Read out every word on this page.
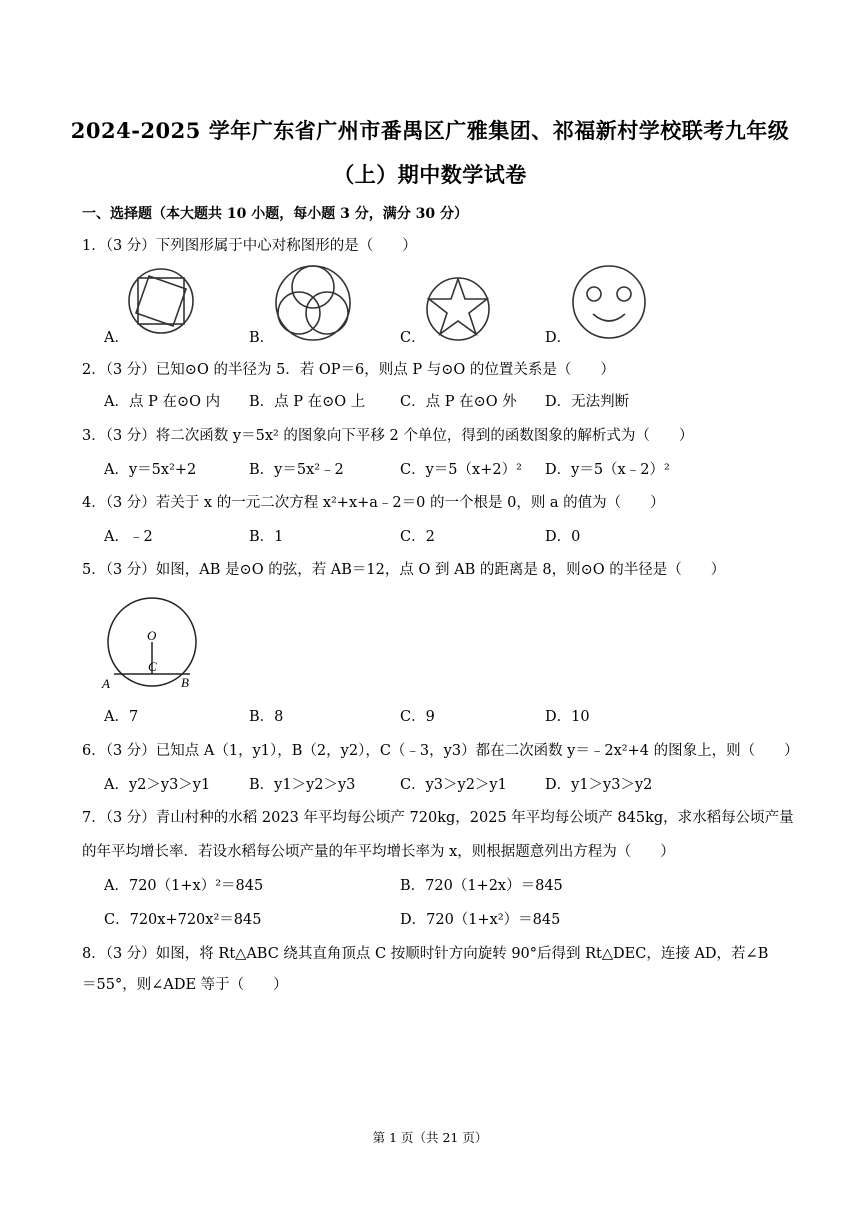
2024-2025 学年广东省广州市番禺区广雅集团、祁福新村学校联考九年级
（上）期中数学试卷
一、选择题（本大题共 10 小题，每小题 3 分，满分 30 分）
1．（3 分）下列图形属于中心对称图形的是（　　）
A．	B．	C．	D．
2．（3 分）已知⊙O 的半径为 5．若 OP＝6，则点 P 与⊙O 的位置关系是（　　）
A．点 P 在⊙O 内 B．点 P 在⊙O 上 C．点 P 在⊙O 外 D．无法判断
3．（3 分）将二次函数 y＝5x² 的图象向下平移 2 个单位，得到的函数图象的解析式为（　　）
A．y＝5x²+2	B．y＝5x²﹣2	C．y＝5（x+2）² D．y＝5（x﹣2）²
4．（3 分）若关于 x 的一元二次方程 x²+x+a﹣2＝0 的一个根是 0，则 a 的值为（　　）
A．﹣2	B．1	C．2	D．0
5．（3 分）如图，AB 是⊙O 的弦，若 AB＝12，点 O 到 AB 的距离是 8，则⊙O 的半径是（　　）
O
C
A	B
A．7	B．8	C．9	D．10
6．（3 分）已知点 A（1，y1），B（2，y2），C（﹣3，y3）都在二次函数 y＝﹣2x²+4 的图象上，则（　　）
A．y2＞y3＞y1	B．y1＞y2＞y3	C．y3＞y2＞y1	D．y1＞y3＞y2
7．（3 分）青山村种的水稻 2023 年平均每公顷产 720kg，2025 年平均每公顷产 845kg，求水稻每公顷产量
的年平均增长率．若设水稻每公顷产量的年平均增长率为 x，则根据题意列出方程为（　　）
A．720（1+x）²＝845	B．720（1+2x）＝845
C．720x+720x²＝845	D．720（1+x²）＝845
8．（3 分）如图，将 Rt△ABC 绕其直角顶点 C 按顺时针方向旋转 90°后得到 Rt△DEC，连接 AD，若∠B
＝55°，则∠ADE 等于（　　）
第 1 页（共 21 页）
